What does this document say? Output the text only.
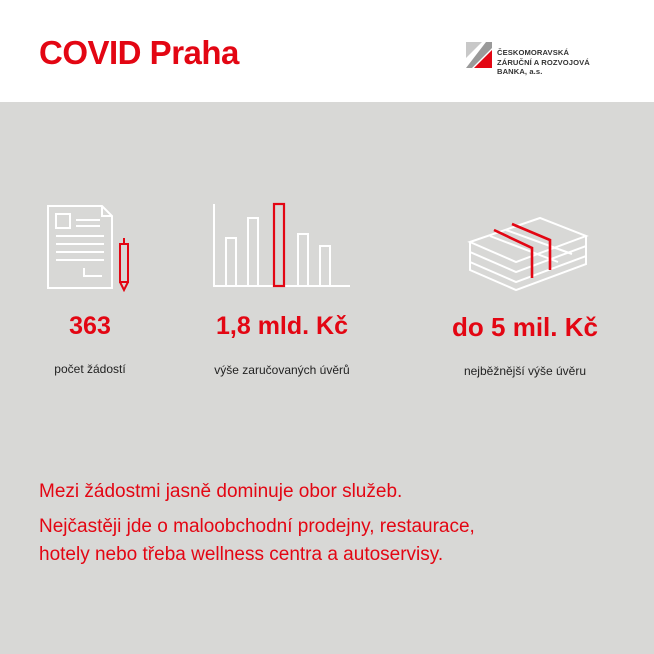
COVID Praha	ČESKOMORAVSKÁ
ZÁRUČNÍ A ROZVOJOVÁ
BANKA, a.s.
363
počet žádostí
1,8 mld. Kč
výše zaručovaných úvěrů
do 5 mil. Kč
nejběžnější výše úvěru
Mezi žádostmi jasně dominuje obor služeb.
Nejčastěji jde o maloobchodní prodejny, restaurace,
hotely nebo třeba wellness centra a autoservisy.
